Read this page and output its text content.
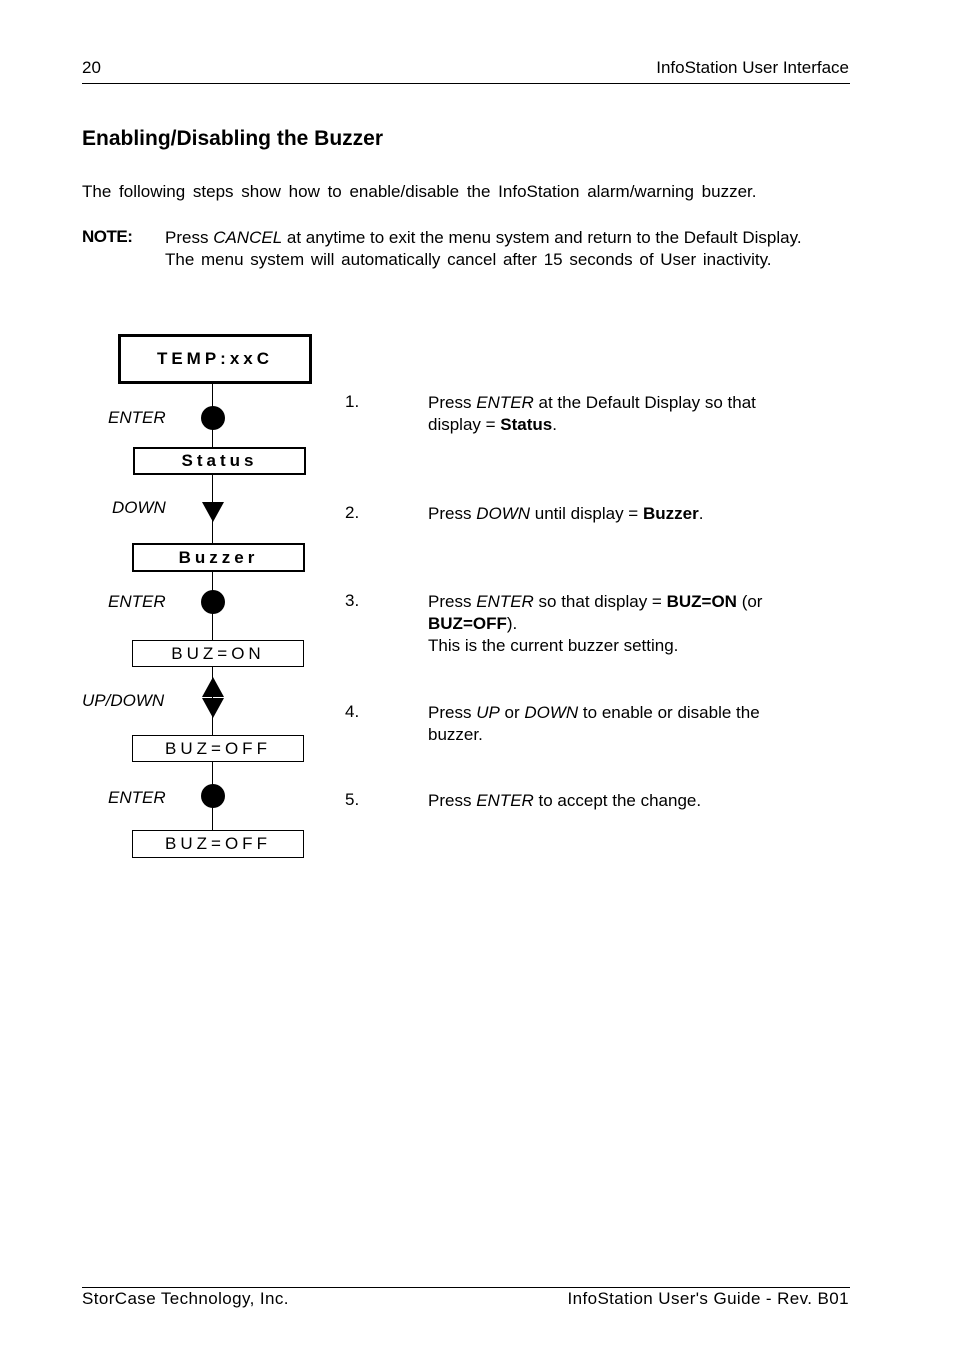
20	InfoStation User Interface
Enabling/Disabling the Buzzer
The following steps show how to enable/disable the InfoStation alarm/warning buzzer.
NOTE: Press CANCEL at anytime to exit the menu system and return to the Default Display.
The menu system will automatically cancel after 15 seconds of User inactivity.
TEMP:xxC
ENTER
Status
DOWN
Buzzer
ENTER
BUZ=ON
UP/DOWN
BUZ=OFF
ENTER
BUZ=OFF
1.	Press ENTER at the Default Display so that
display = Status.
2.	Press DOWN until display = Buzzer.
3.	Press ENTER so that display = BUZ=ON (or
BUZ=OFF).
This is the current buzzer setting.
4.	Press UP or DOWN to enable or disable the
buzzer.
5.	Press ENTER to accept the change.
StorCase Technology, Inc.	InfoStation User's Guide - Rev. B01
